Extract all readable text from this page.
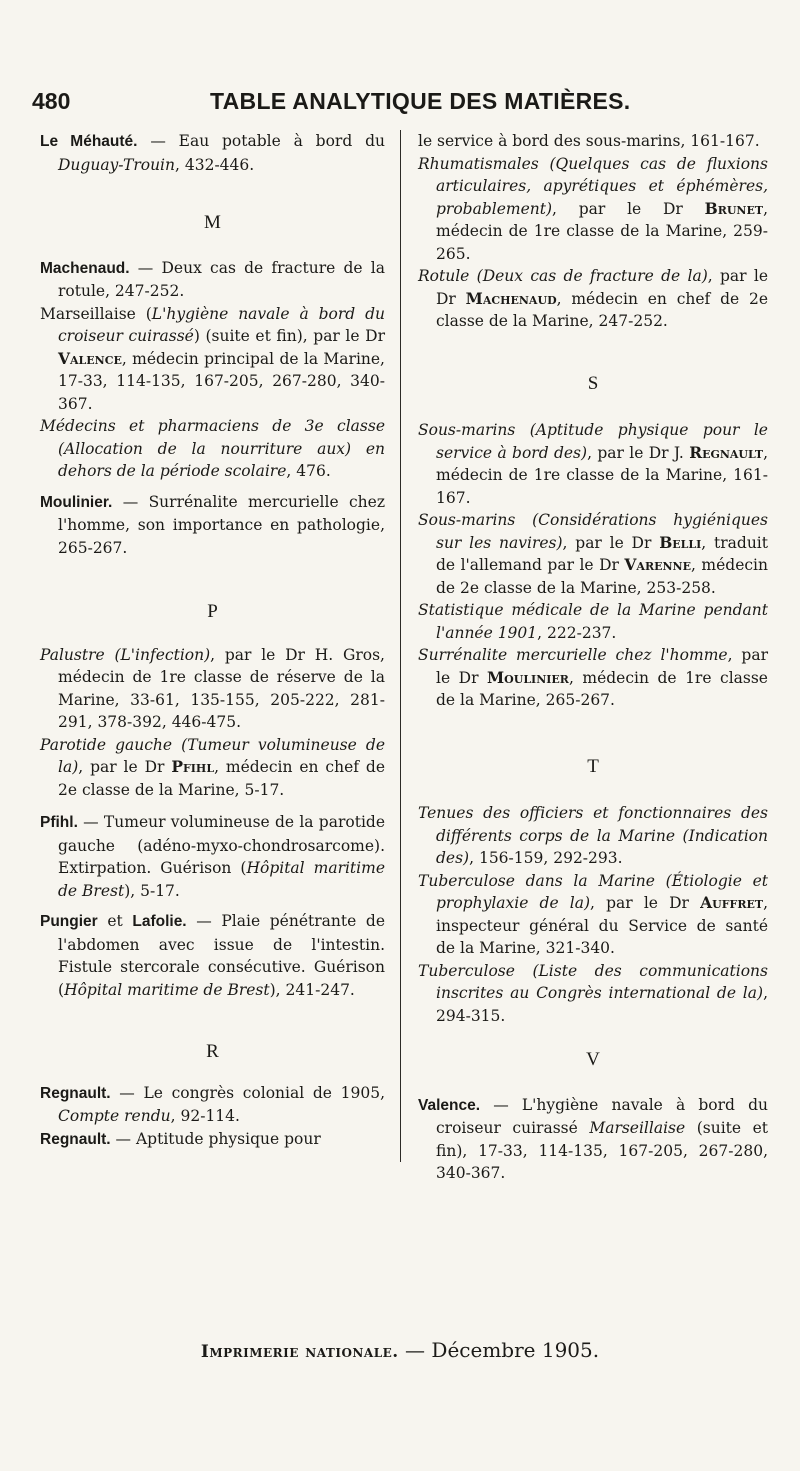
480	TABLE ANALYTIQUE DES MATIÈRES.

Le Méhauté. — Eau potable à bord du Duguay-Trouin, 432-446.

M

Machenaud. — Deux cas de fracture de la rotule, 247-252.

Marseillaise (L'hygiène navale à bord du croiseur cuirassé) (suite et fin), par le Dr Valence, médecin principal de la Marine, 17-33, 114-135, 167-205, 267-280, 340-367.

Médecins et pharmaciens de 3e classe (Allocation de la nourriture aux) en dehors de la période scolaire, 476.

Moulinier. — Surrénalite mercurielle chez l'homme, son importance en pathologie, 265-267.

P

Palustre (L'infection), par le Dr H. Gros, médecin de 1re classe de réserve de la Marine, 33-61, 135-155, 205-222, 281-291, 378-392, 446-475.

Parotide gauche (Tumeur volumineuse de la), par le Dr Pfihl, médecin en chef de 2e classe de la Marine, 5-17.

Pfihl. — Tumeur volumineuse de la parotide gauche (adéno-myxo-chondrosarcome). Extirpation. Guérison (Hôpital maritime de Brest), 5-17.

Pungier et Lafolie. — Plaie pénétrante de l'abdomen avec issue de l'intestin. Fistule stercorale consécutive. Guérison (Hôpital maritime de Brest), 241-247.

R

Regnault. — Le congrès colonial de 1905, Compte rendu, 92-114.

Regnault. — Aptitude physique pour

le service à bord des sous-marins, 161-167.

Rhumatismales (Quelques cas de fluxions articulaires, apyrétiques et éphémères, probablement), par le Dr Brunet, médecin de 1re classe de la Marine, 259-265.

Rotule (Deux cas de fracture de la), par le Dr Machenaud, médecin en chef de 2e classe de la Marine, 247-252.

S

Sous-marins (Aptitude physique pour le service à bord des), par le Dr J. Regnault, médecin de 1re classe de la Marine, 161-167.

Sous-marins (Considérations hygiéniques sur les navires), par le Dr Belli, traduit de l'allemand par le Dr Varenne, médecin de 2e classe de la Marine, 253-258.

Statistique médicale de la Marine pendant l'année 1901, 222-237.

Surrénalite mercurielle chez l'homme, par le Dr Moulinier, médecin de 1re classe de la Marine, 265-267.

T

Tenues des officiers et fonctionnaires des différents corps de la Marine (Indication des), 156-159, 292-293.

Tuberculose dans la Marine (Étiologie et prophylaxie de la), par le Dr Auffret, inspecteur général du Service de santé de la Marine, 321-340.

Tuberculose (Liste des communications inscrites au Congrès international de la), 294-315.

V

Valence. — L'hygiène navale à bord du croiseur cuirassé Marseillaise (suite et fin), 17-33, 114-135, 167-205, 267-280, 340-367.

Imprimerie nationale. — Décembre 1905.
